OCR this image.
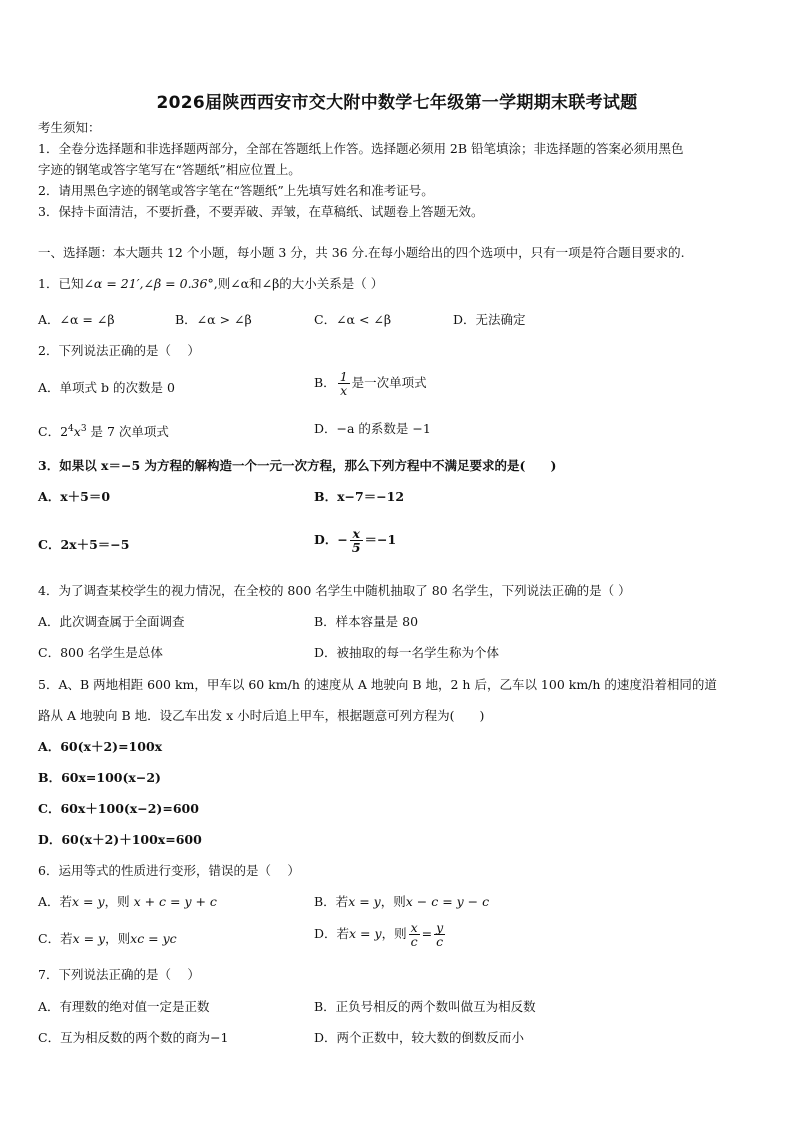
2026届陕西西安市交大附中数学七年级第一学期期末联考试题
考生须知：
1．全卷分选择题和非选择题两部分，全部在答题纸上作答。选择题必须用 2B 铅笔填涂；非选择题的答案必须用黑色
字迹的钢笔或答字笔写在“答题纸”相应位置上。
2．请用黑色字迹的钢笔或答字笔在“答题纸”上先填写姓名和准考证号。
3．保持卡面清洁，不要折叠，不要弄破、弄皱，在草稿纸、试题卷上答题无效。
一、选择题：本大题共 12 个小题，每小题 3 分，共 36 分.在每小题给出的四个选项中，只有一项是符合题目要求的.
1．已知∠α = 21′,∠β = 0.36°,则∠α和∠β的大小关系是（ ）
A．∠α = ∠β	B．∠α > ∠β	C．∠α < ∠β	D．无法确定
2．下列说法正确的是（　 ）
A．单项式 b 的次数是 0	B． $\frac{1}{x}$ 是一次单项式
C．$2^4x^3$ 是 7 次单项式	D．−a 的系数是 −1
3．如果以 x＝−5 为方程的解构造一个一元一次方程，那么下列方程中不满足要求的是(　　)
A．x＋5＝0	B．x−7＝−12
C．2x＋5＝−5	D．− $\frac{x}{5} =-1$
4．为了调查某校学生的视力情况，在全校的 800 名学生中随机抽取了 80 名学生，下列说法正确的是（ ）
A．此次调查属于全面调查	B．样本容量是 80
C．800 名学生是总体	D．被抽取的每一名学生称为个体
5．A、B 两地相距 600 km，甲车以 60 km/h 的速度从 A 地驶向 B 地，2 h 后，乙车以 100 km/h 的速度沿着相同的道
路从 A 地驶向 B 地．设乙车出发 x 小时后追上甲车，根据题意可列方程为(　　)
A．60(x＋2)=100x
B．60x=100(x−2)
C．60x＋100(x−2)=600
D．60(x＋2)＋100x=600
6．运用等式的性质进行变形，错误的是（　 ）
A．若x = y，则 x + c = y + c	B．若x = y，则x − c = y − c
C．若x = y，则xc = yc	D．若x = y，则 $\frac{x}{c} = \frac{y}{c}$
7．下列说法正确的是（　 ）
A．有理数的绝对值一定是正数	B．正负号相反的两个数叫做互为相反数
C．互为相反数的两个数的商为−1	D．两个正数中，较大数的倒数反而小
